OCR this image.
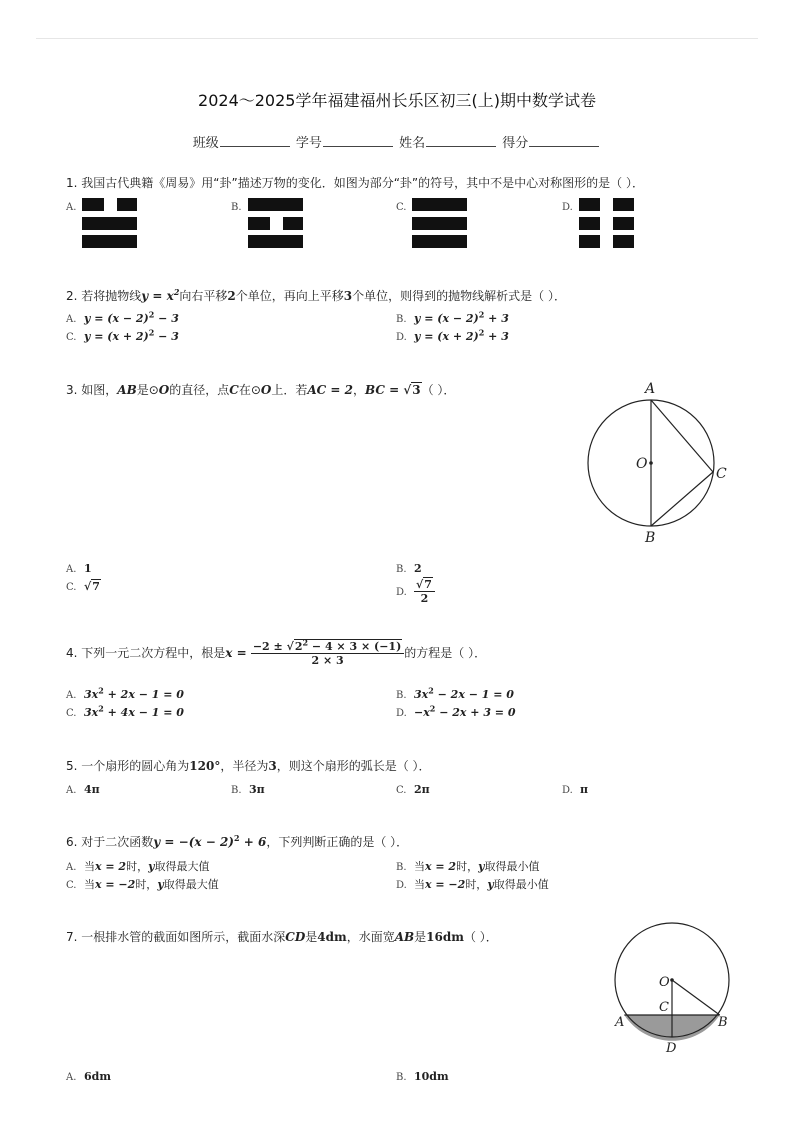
2024～2025学年福建福州长乐区初三(上)期中数学试卷
班级	学号	姓名	得分
1. 我国古代典籍《周易》用“卦”描述万物的变化．如图为部分“卦”的符号，其中不是中心对称图形的是（ ）．
A.	B.	C.	D.
2. 若将抛物线$y = x^2$向右平移2个单位，再向上平移3个单位，则得到的抛物线解析式是（ ）．
A. $y = (x - 2)^2 - 3$	B. $y = (x - 2)^2 + 3$
C. $y = (x + 2)^2 - 3$	D. $y = (x + 2)^2 + 3$
3. 如图，AB是⊙O的直径，点C在⊙O上．若AC = 2，BC = √3（ ）．	A
B
C
O
A. 1	B. 2
C. √7	D. $\frac{√7}{2}$
4. 下列一元二次方程中，根是$x = \frac{-2 \pm √2^2 - 4 \times 3 \times (-1)}{2 \times 3}$ 的方程是（ ）．
A. $3x^2 + 2x - 1 = 0$	B. $3x^2 - 2x - 1 = 0$
C. $3x^2 + 4x - 1 = 0$	D. $-x^2 - 2x + 3 = 0$
5. 一个扇形的圆心角为120°，半径为3，则这个扇形的弧长是（ ）．
A. 4π	B. 3π	C. 2π	D. π
6. 对于二次函数$y = -(x - 2)^2 + 6$，下列判断正确的是（ ）．
A. 当x = 2时，y取得最大值	B. 当x = 2时，y取得最小值
C. 当x = −2时，y取得最大值	D. 当x = −2时，y取得最小值
7. 一根排水管的截面如图所示，截面水深CD是4dm，水面宽AB是16dm（ ）．
O
C
A	B
D
A. 6dm	B. 10dm
